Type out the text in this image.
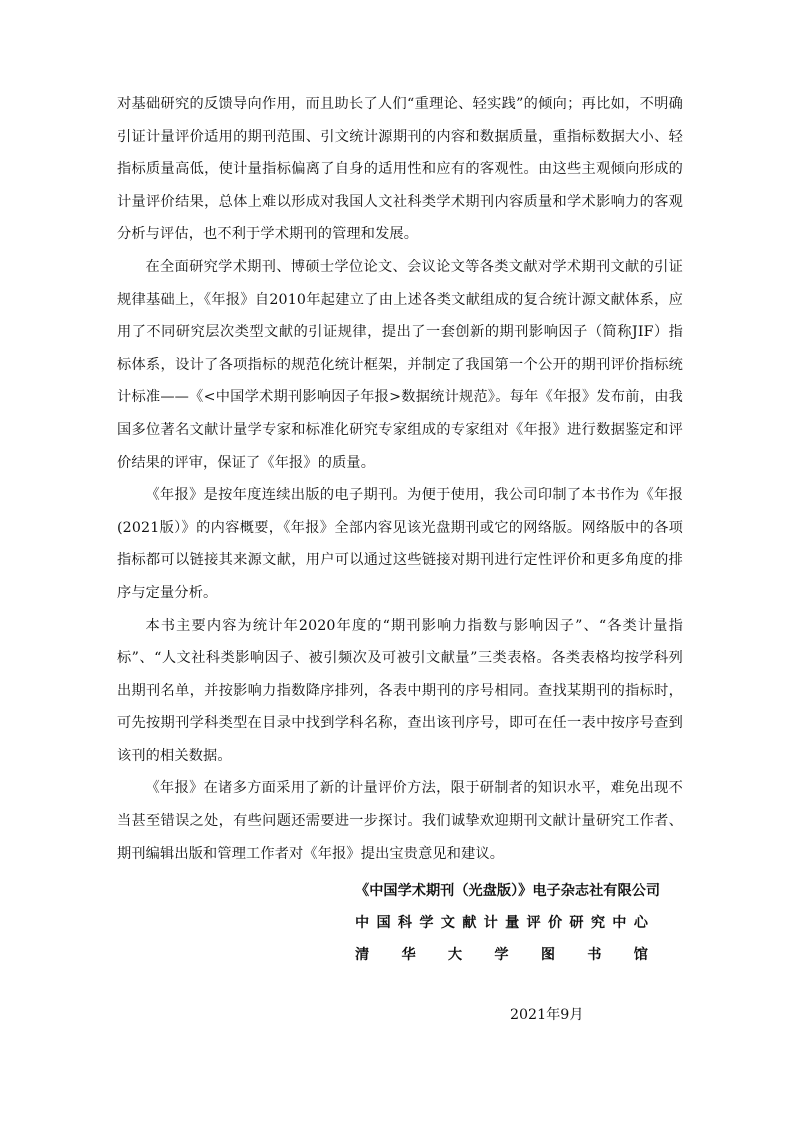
对基础研究的反馈导向作用，而且助长了人们“重理论、轻实践”的倾向；再比如，不明确引证计量评价适用的期刊范围、引文统计源期刊的内容和数据质量，重指标数据大小、轻指标质量高低，使计量指标偏离了自身的适用性和应有的客观性。由这些主观倾向形成的计量评价结果，总体上难以形成对我国人文社科类学术期刊内容质量和学术影响力的客观分析与评估，也不利于学术期刊的管理和发展。

在全面研究学术期刊、博硕士学位论文、会议论文等各类文献对学术期刊文献的引证规律基础上，《年报》自2010年起建立了由上述各类文献组成的复合统计源文献体系，应用了不同研究层次类型文献的引证规律，提出了一套创新的期刊影响因子（简称JIF）指标体系，设计了各项指标的规范化统计框架，并制定了我国第一个公开的期刊评价指标统计标准——《<中国学术期刊影响因子年报>数据统计规范》。每年《年报》发布前，由我国多位著名文献计量学专家和标准化研究专家组成的专家组对《年报》进行数据鉴定和评价结果的评审，保证了《年报》的质量。

《年报》是按年度连续出版的电子期刊。为便于使用，我公司印制了本书作为《年报(2021版）》的内容概要，《年报》全部内容见该光盘期刊或它的网络版。网络版中的各项指标都可以链接其来源文献，用户可以通过这些链接对期刊进行定性评价和更多角度的排序与定量分析。

本书主要内容为统计年2020年度的“期刊影响力指数与影响因子”、“各类计量指标”、“人文社科类影响因子、被引频次及可被引文献量”三类表格。各类表格均按学科列出期刊名单，并按影响力指数降序排列，各表中期刊的序号相同。查找某期刊的指标时，可先按期刊学科类型在目录中找到学科名称，查出该刊序号，即可在任一表中按序号查到该刊的相关数据。

《年报》在诸多方面采用了新的计量评价方法，限于研制者的知识水平，难免出现不当甚至错误之处，有些问题还需要进一步探讨。我们诚挚欢迎期刊文献计量研究工作者、期刊编辑出版和管理工作者对《年报》提出宝贵意见和建议。

《中国学术期刊（光盘版）》电子杂志社有限公司
中 国 科 学 文 献 计 量 评 价 研 究 中 心
清 华 大 学 图 书 馆
2021年9月
